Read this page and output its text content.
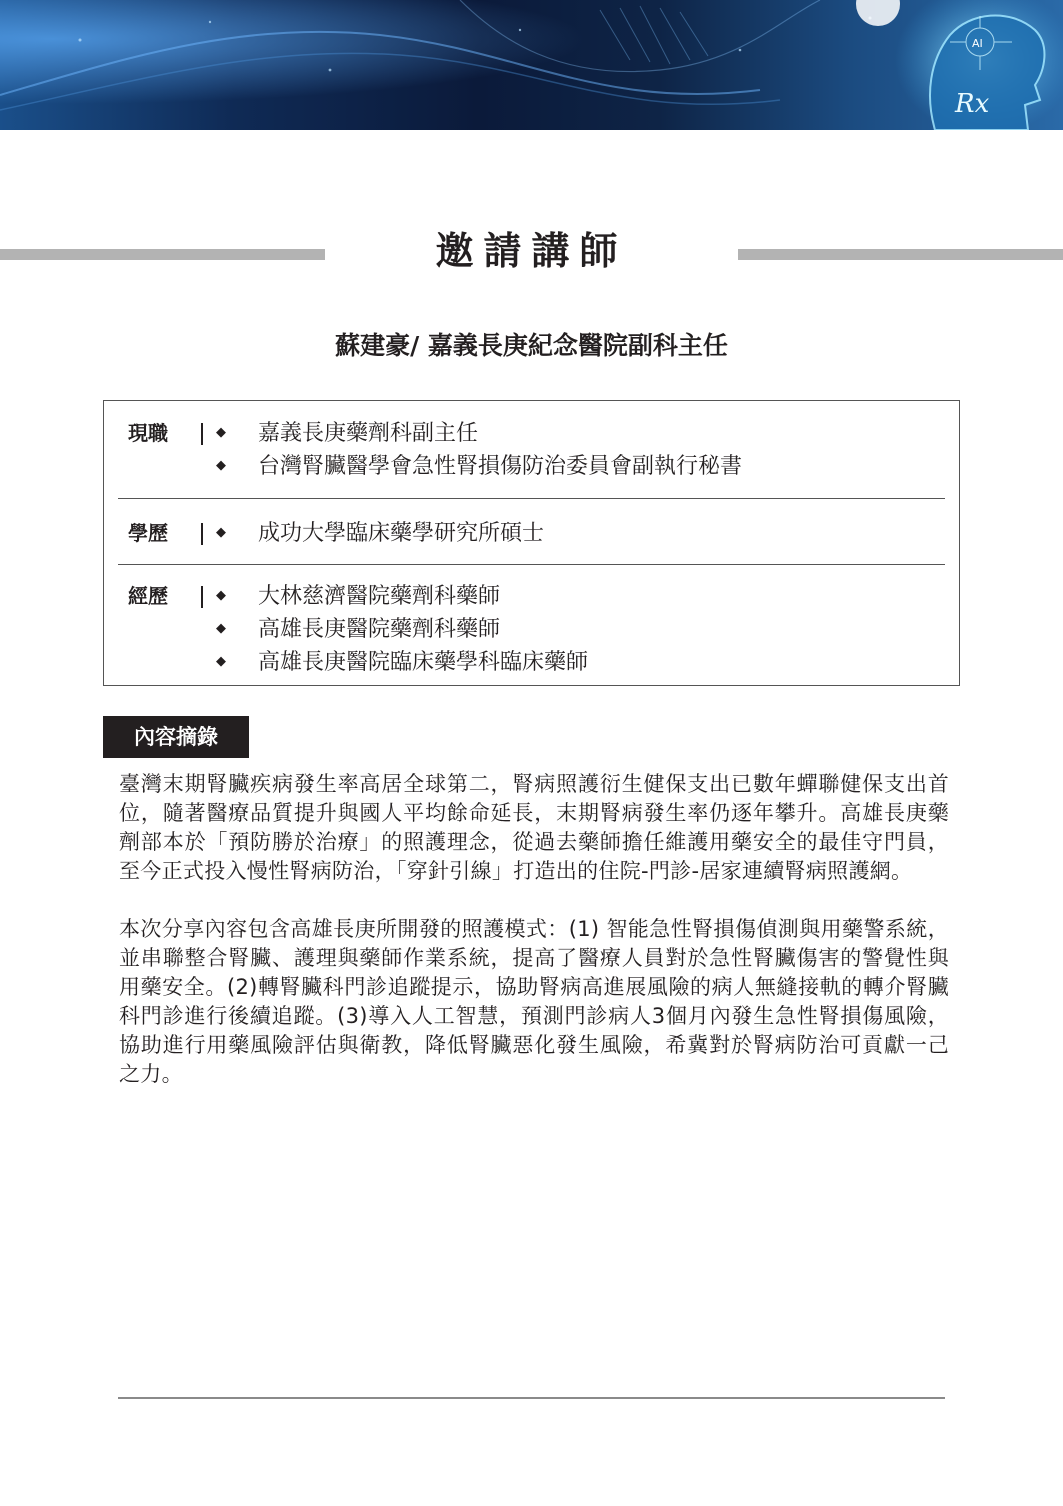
AI
Rx
邀請講師
蘇建豪/ 嘉義長庚紀念醫院副科主任
現職	◆ 嘉義長庚藥劑科副主任
◆ 台灣腎臟醫學會急性腎損傷防治委員會副執行秘書
學歷	◆ 成功大學臨床藥學研究所碩士
經歷	◆ 大林慈濟醫院藥劑科藥師
◆ 高雄長庚醫院藥劑科藥師
◆ 高雄長庚醫院臨床藥學科臨床藥師
內容摘錄

臺灣末期腎臟疾病發生率高居全球第二，腎病照護衍生健保支出已數年蟬聯健保支出首位，隨著醫療品質提升與國人平均餘命延長，末期腎病發生率仍逐年攀升。高雄長庚藥劑部本於「預防勝於治療」的照護理念，從過去藥師擔任維護用藥安全的最佳守門員，至今正式投入慢性腎病防治，「穿針引線」打造出的住院-門診-居家連續腎病照護網。

本次分享內容包含高雄長庚所開發的照護模式：(1) 智能急性腎損傷偵測與用藥警系統，並串聯整合腎臟、護理與藥師作業系統，提高了醫療人員對於急性腎臟傷害的警覺性與用藥安全。(2)轉腎臟科門診追蹤提示，協助腎病高進展風險的病人無縫接軌的轉介腎臟科門診進行後續追蹤。(3)導入人工智慧，預測門診病人3個月內發生急性腎損傷風險，協助進行用藥風險評估與衛教，降低腎臟惡化發生風險，希冀對於腎病防治可貢獻一己之力。
